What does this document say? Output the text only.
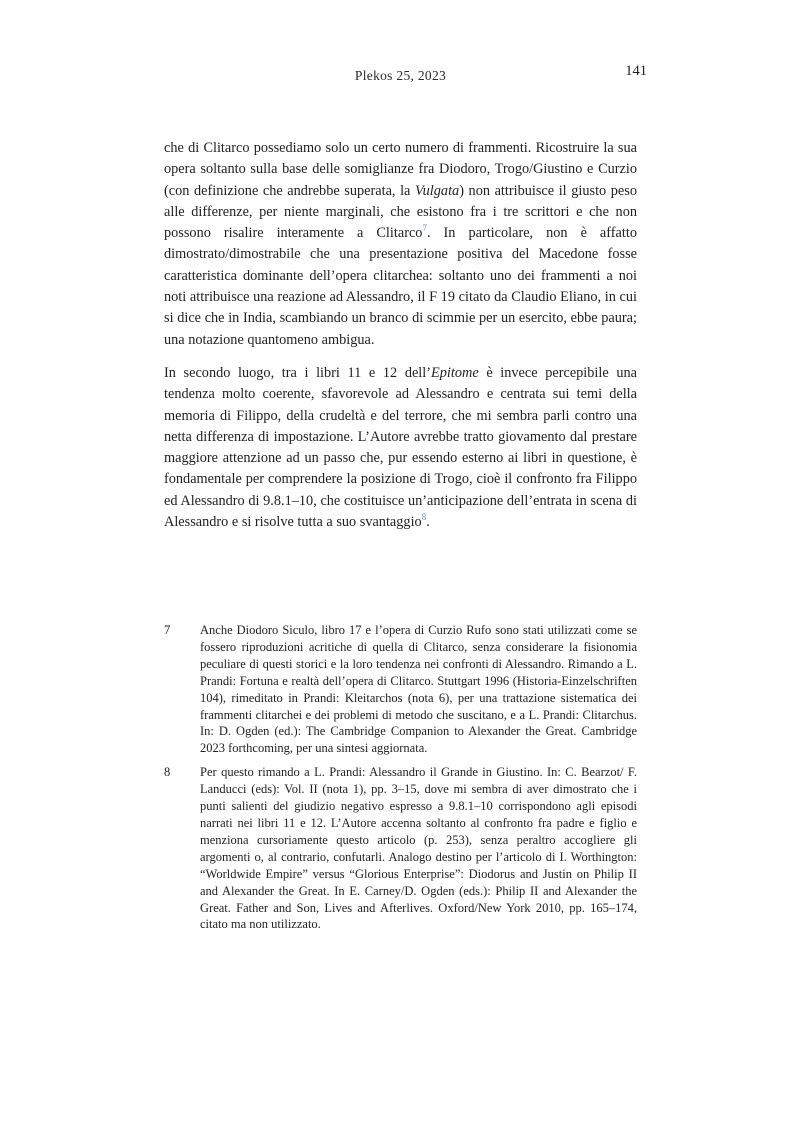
Plekos 25, 2023	141

che di Clitarco possediamo solo un certo numero di frammenti. Ricostruire la sua opera soltanto sulla base delle somiglianze fra Diodoro, Trogo/Giustino e Curzio (con definizione che andrebbe superata, la Vulgata) non attribuisce il giusto peso alle differenze, per niente marginali, che esistono fra i tre scrittori e che non possono risalire interamente a Clitarco$^7$. In particolare, non è affatto dimostrato/dimostrabile che una presentazione positiva del Macedone fosse caratteristica dominante dell’opera clitarchea: soltanto uno dei frammenti a noi noti attribuisce una reazione ad Alessandro, il F 19 citato da Claudio Eliano, in cui si dice che in India, scambiando un branco di scimmie per un esercito, ebbe paura; una notazione quantomeno ambigua.

In secondo luogo, tra i libri 11 e 12 dell’Epitome è invece percepibile una tendenza molto coerente, sfavorevole ad Alessandro e centrata sui temi della memoria di Filippo, della crudeltà e del terrore, che mi sembra parli contro una netta differenza di impostazione. L’Autore avrebbe tratto giovamento dal prestare maggiore attenzione ad un passo che, pur essendo esterno ai libri in questione, è fondamentale per comprendere la posizione di Trogo, cioè il confronto fra Filippo ed Alessandro di 9.8.1–10, che costituisce un’anticipazione dell’entrata in scena di Alessandro e si risolve tutta a suo svantaggio$^8$.

7 Anche Diodoro Siculo, libro 17 e l’opera di Curzio Rufo sono stati utilizzati come se fossero riproduzioni acritiche di quella di Clitarco, senza considerare la fisionomia peculiare di questi storici e la loro tendenza nei confronti di Alessandro. Rimando a L. Prandi: Fortuna e realtà dell’opera di Clitarco. Stuttgart 1996 (Historia-Einzelschriften 104), rimeditato in Prandi: Kleitarchos (nota 6), per una trattazione sistematica dei frammenti clitarchei e dei problemi di metodo che suscitano, e a L. Prandi: Clitarchus. In: D. Ogden (ed.): The Cambridge Companion to Alexander the Great. Cambridge 2023 forthcoming, per una sintesi aggiornata.
8 Per questo rimando a L. Prandi: Alessandro il Grande in Giustino. In: C. Bearzot/ F. Landucci (eds): Vol. II (nota 1), pp. 3–15, dove mi sembra di aver dimostrato che i punti salienti del giudizio negativo espresso a 9.8.1–10 corrispondono agli episodi narrati nei libri 11 e 12. L’Autore accenna soltanto al confronto fra padre e figlio e menziona cursoriamente questo articolo (p. 253), senza peraltro accogliere gli argomenti o, al contrario, confutarli. Analogo destino per l’articolo di I. Worthington: “Worldwide Empire” versus “Glorious Enterprise”: Diodorus and Justin on Philip II and Alexander the Great. In E. Carney/D. Ogden (eds.): Philip II and Alexander the Great. Father and Son, Lives and Afterlives. Oxford/New York 2010, pp. 165–174, citato ma non utilizzato.
